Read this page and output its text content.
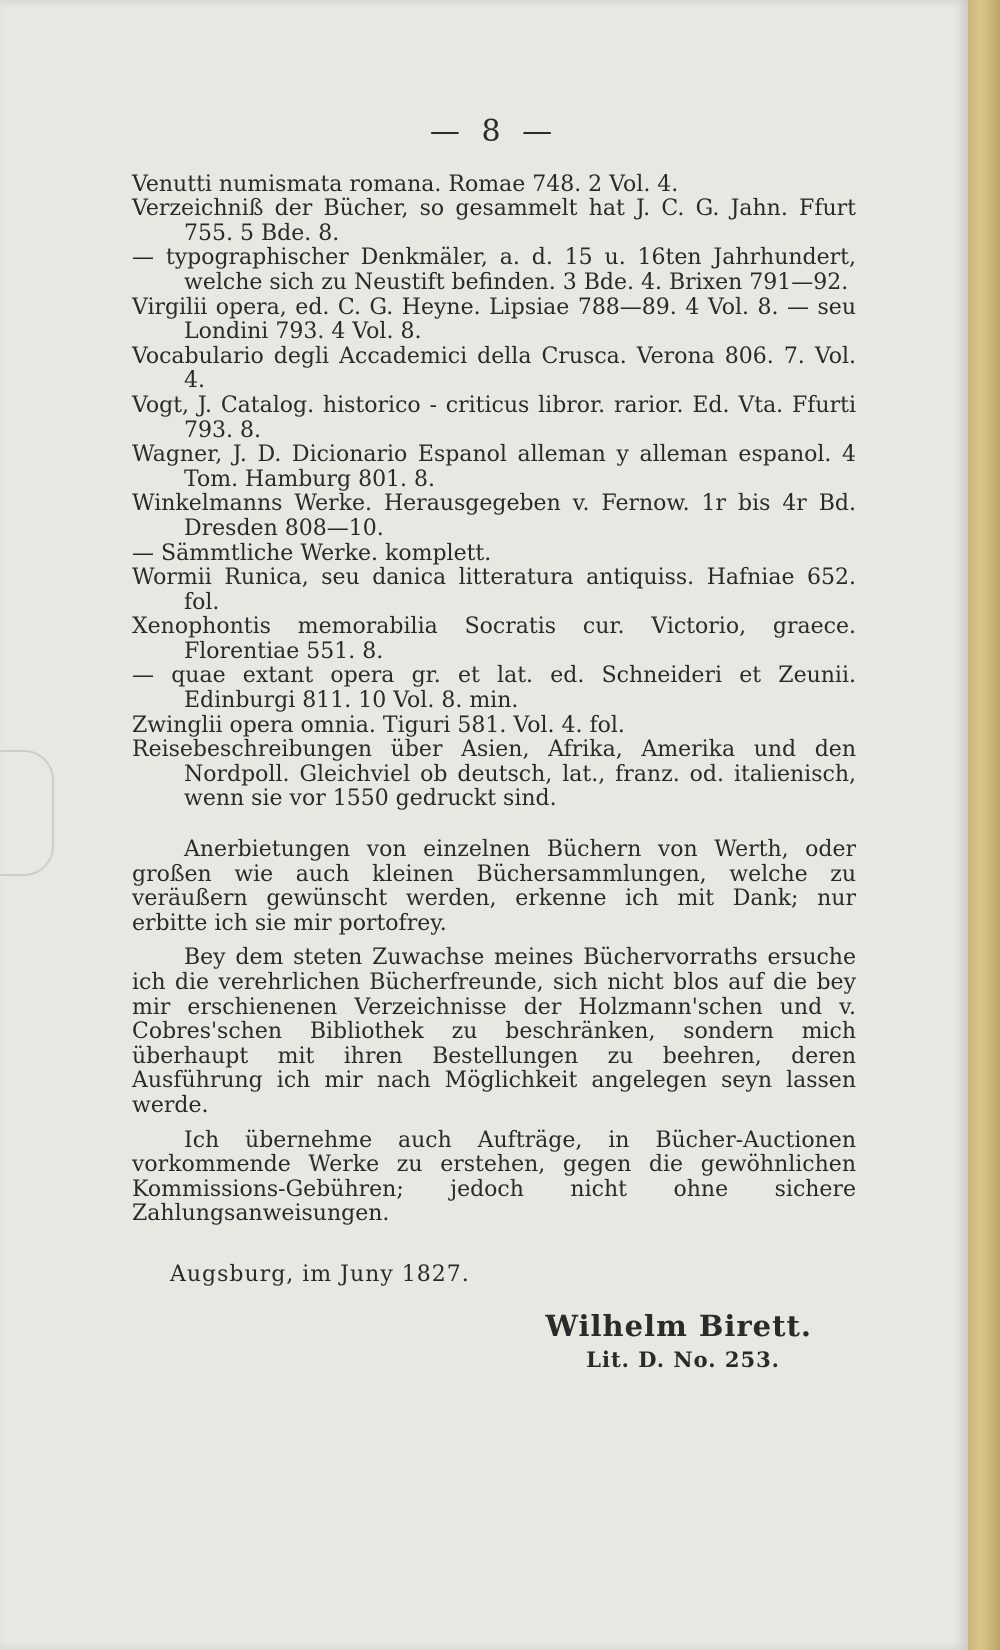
— 8 —
Venutti numismata romana. Romae 748. 2 Vol. 4.
Verzeichniß der Bücher, so gesammelt hat J. C. G. Jahn. Ffurt 755. 5 Bde. 8.
— typographischer Denkmäler, a. d. 15 u. 16ten Jahrhundert, welche sich zu Neustift befinden. 3 Bde. 4. Brixen 791—92.
Virgilii opera, ed. C. G. Heyne. Lipsiae 788—89. 4 Vol. 8. — seu Londini 793. 4 Vol. 8.
Vocabulario degli Accademici della Crusca. Verona 806. 7. Vol. 4.
Vogt, J. Catalog. historico - criticus libror. rarior. Ed. Vta. Ffurti 793. 8.
Wagner, J. D. Dicionario Espanol alleman y alleman espanol. 4 Tom. Hamburg 801. 8.
Winkelmanns Werke. Herausgegeben v. Fernow. 1r bis 4r Bd. Dresden 808—10.
— Sämmtliche Werke. komplett.
Wormii Runica, seu danica litteratura antiquiss. Hafniae 652. fol.
Xenophontis memorabilia Socratis cur. Victorio, graece. Florentiae 551. 8.
— quae extant opera gr. et lat. ed. Schneideri et Zeunii. Edinburgi 811. 10 Vol. 8. min.
Zwinglii opera omnia. Tiguri 581. Vol. 4. fol.
Reisebeschreibungen über Asien, Afrika, Amerika und den Nordpoll. Gleichviel ob deutsch, lat., franz. od. italienisch, wenn sie vor 1550 gedruckt sind.
Anerbietungen von einzelnen Büchern von Werth, oder großen wie auch kleinen Büchersammlungen, welche zu veräußern gewünscht werden, erkenne ich mit Dank; nur erbitte ich sie mir portofrey.
Bey dem steten Zuwachse meines Büchervorraths ersuche ich die verehrlichen Bücherfreunde, sich nicht blos auf die bey mir erschienenen Verzeichnisse der Holzmann'schen und v. Cobres'schen Bibliothek zu beschränken, sondern mich überhaupt mit ihren Bestellungen zu beehren, deren Ausführung ich mir nach Möglichkeit angelegen seyn lassen werde.
Ich übernehme auch Aufträge, in Bücher-Auctionen vorkommende Werke zu erstehen, gegen die gewöhnlichen Kommissions-Gebühren; jedoch nicht ohne sichere Zahlungsanweisungen.
Augsburg, im Juny 1827.
Wilhelm Birett.
Lit. D. No. 253.
